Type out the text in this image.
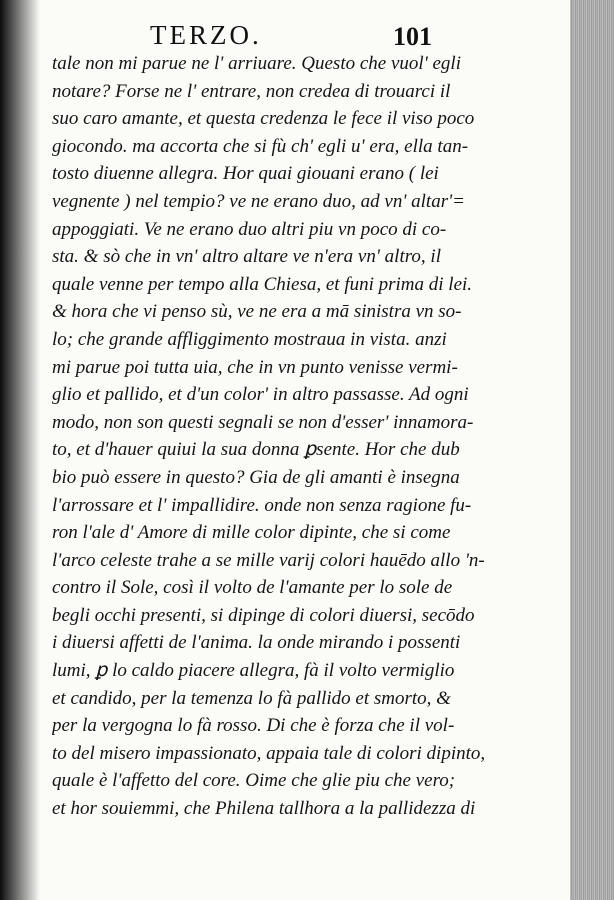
TERZO.	101
tale non mi parue ne l' arriuare. Questo che vuol' egli
notare? Forse ne l' entrare, non credea di trouarci il
suo caro amante, et questa credenza le fece il viso poco
giocondo. ma accorta che si fù ch' egli u' era, ella tan-
tosto diuenne allegra. Hor quai giouani erano ( lei
vegnente ) nel tempio? ve ne erano duo, ad vn' altar'=
appoggiati. Ve ne erano duo altri piu vn poco di co-
sta. & sò che in vn' altro altare ve n'era vn' altro, il
quale venne per tempo alla Chiesa, et funi prima di lei.
& hora che vi penso sù, ve ne era a mā sinistra vn so-
lo; che grande affliggimento mostraua in vista. anzi
mi parue poi tutta uia, che in vn punto venisse vermi-
glio et pallido, et d'un color' in altro passasse. Ad ogni
modo, non son questi segnali se non d'esser' innamora-
to, et d'hauer quiui la sua donna ꝑsente. Hor che dub
bio può essere in questo? Gia de gli amanti è insegna
l'arrossare et l' impallidire. onde non senza ragione fu-
ron l'ale d' Amore di mille color dipinte, che si come
l'arco celeste trahe a se mille varij colori hauēdo allo 'n-
contro il Sole, così il volto de l'amante per lo sole de
begli occhi presenti, si dipinge di colori diuersi, secōdo
i diuersi affetti de l'anima. la onde mirando i possenti
lumi, ꝑ lo caldo piacere allegra, fà il volto vermiglio
et candido, per la temenza lo fà pallido et smorto, &
per la vergogna lo fà rosso. Di che è forza che il vol-
to del misero impassionato, appaia tale di colori dipinto,
quale è l'affetto del core. Oime che glie piu che vero;
et hor souiemmi, che Philena tallhora a la pallidezza di
